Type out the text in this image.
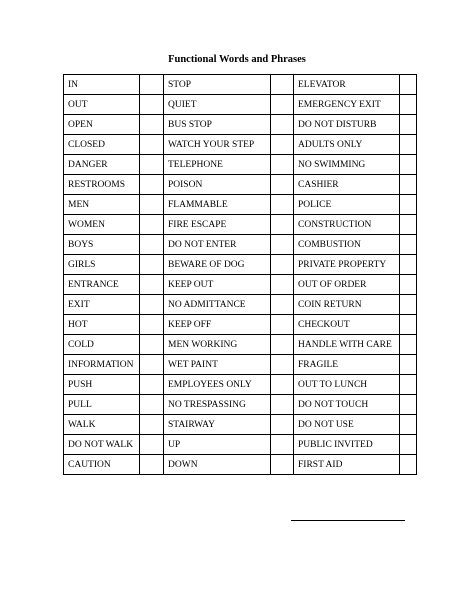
Functional Words and Phrases
IN		STOP		ELEVATOR	
OUT		QUIET		EMERGENCY EXIT	
OPEN		BUS STOP		DO NOT DISTURB	
CLOSED		WATCH YOUR STEP		ADULTS ONLY	
DANGER		TELEPHONE		NO SWIMMING	
RESTROOMS		POISON		CASHIER	
MEN		FLAMMABLE		POLICE	
WOMEN		FIRE ESCAPE		CONSTRUCTION	
BOYS		DO NOT ENTER		COMBUSTION	
GIRLS		BEWARE OF DOG		PRIVATE PROPERTY	
ENTRANCE		KEEP OUT		OUT OF ORDER	
EXIT		NO ADMITTANCE		COIN RETURN	
HOT		KEEP OFF		CHECKOUT	
COLD		MEN WORKING		HANDLE WITH CARE	
INFORMATION		WET PAINT		FRAGILE	
PUSH		EMPLOYEES ONLY		OUT TO LUNCH	
PULL		NO TRESPASSING		DO NOT TOUCH	
WALK		STAIRWAY		DO NOT USE	
DO NOT WALK		UP		PUBLIC INVITED	
CAUTION		DOWN		FIRST AID	
